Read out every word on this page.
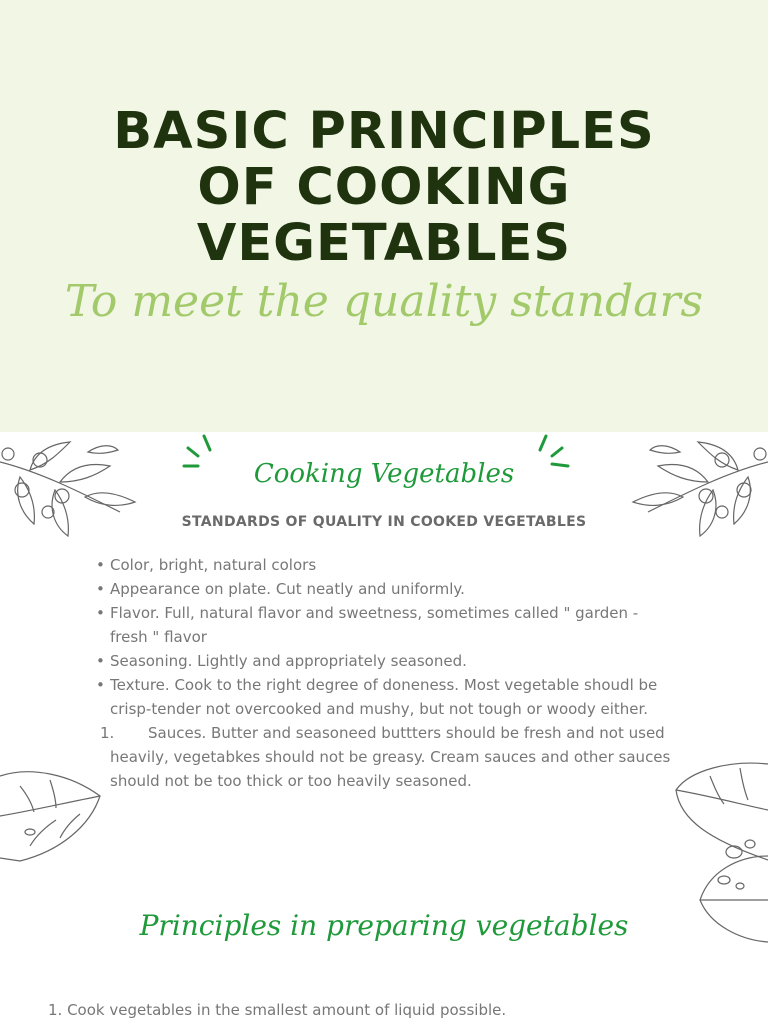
BASIC PRINCIPLES
OF COOKING
VEGETABLES
To meet the quality standars
Cooking Vegetables
STANDARDS OF QUALITY IN COOKED VEGETABLES
• Color, bright, natural colors
• Appearance on plate. Cut neatly and uniformly.
• Flavor. Full, natural flavor and sweetness, sometimes called " garden - fresh " flavor
• Seasoning. Lightly and appropriately seasoned.
• Texture. Cook to the right degree of doneness. Most vegetable shoudl be crisp-tender not overcooked and mushy, but not tough or woody either.
1. Sauces. Butter and seasoneed buttters should be fresh and not used heavily, vegetabkes should not be greasy. Cream sauces and other sauces should not be too thick or too heavily seasoned.
Principles in preparing vegetables
1. Cook vegetables in the smallest amount of liquid possible.
